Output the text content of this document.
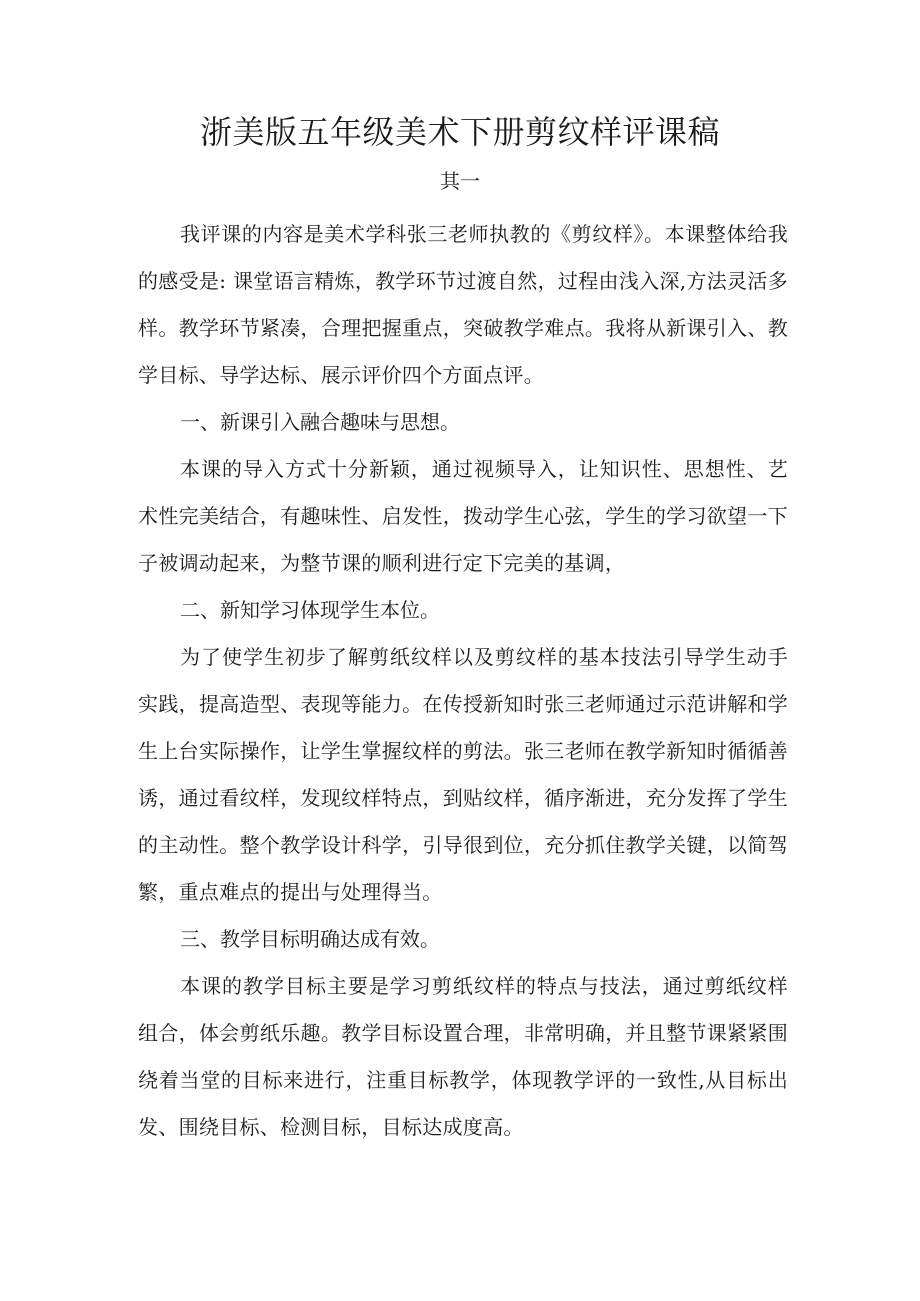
浙美版五年级美术下册剪纹样评课稿
其一

我评课的内容是美术学科张三老师执教的《剪纹样》。本课整体给我的感受是: 课堂语言精炼，教学环节过渡自然，过程由浅入深,方法灵活多样。教学环节紧凑，合理把握重点，突破教学难点。我将从新课引入、教学目标、导学达标、展示评价四个方面点评。

一、新课引入融合趣味与思想。

本课的导入方式十分新颖，通过视频导入，让知识性、思想性、艺术性完美结合，有趣味性、启发性，拨动学生心弦，学生的学习欲望一下子被调动起来，为整节课的顺利进行定下完美的基调，

二、新知学习体现学生本位。

为了使学生初步了解剪纸纹样以及剪纹样的基本技法引导学生动手实践，提高造型、表现等能力。在传授新知时张三老师通过示范讲解和学生上台实际操作，让学生掌握纹样的剪法。张三老师在教学新知时循循善诱，通过看纹样，发现纹样特点，到贴纹样，循序渐进，充分发挥了学生的主动性。整个教学设计科学，引导很到位，充分抓住教学关键，以简驾繁，重点难点的提出与处理得当。

三、教学目标明确达成有效。

本课的教学目标主要是学习剪纸纹样的特点与技法，通过剪纸纹样组合，体会剪纸乐趣。教学目标设置合理，非常明确，并且整节课紧紧围绕着当堂的目标来进行，注重目标教学，体现教学评的一致性,从目标出发、围绕目标、检测目标，目标达成度高。
